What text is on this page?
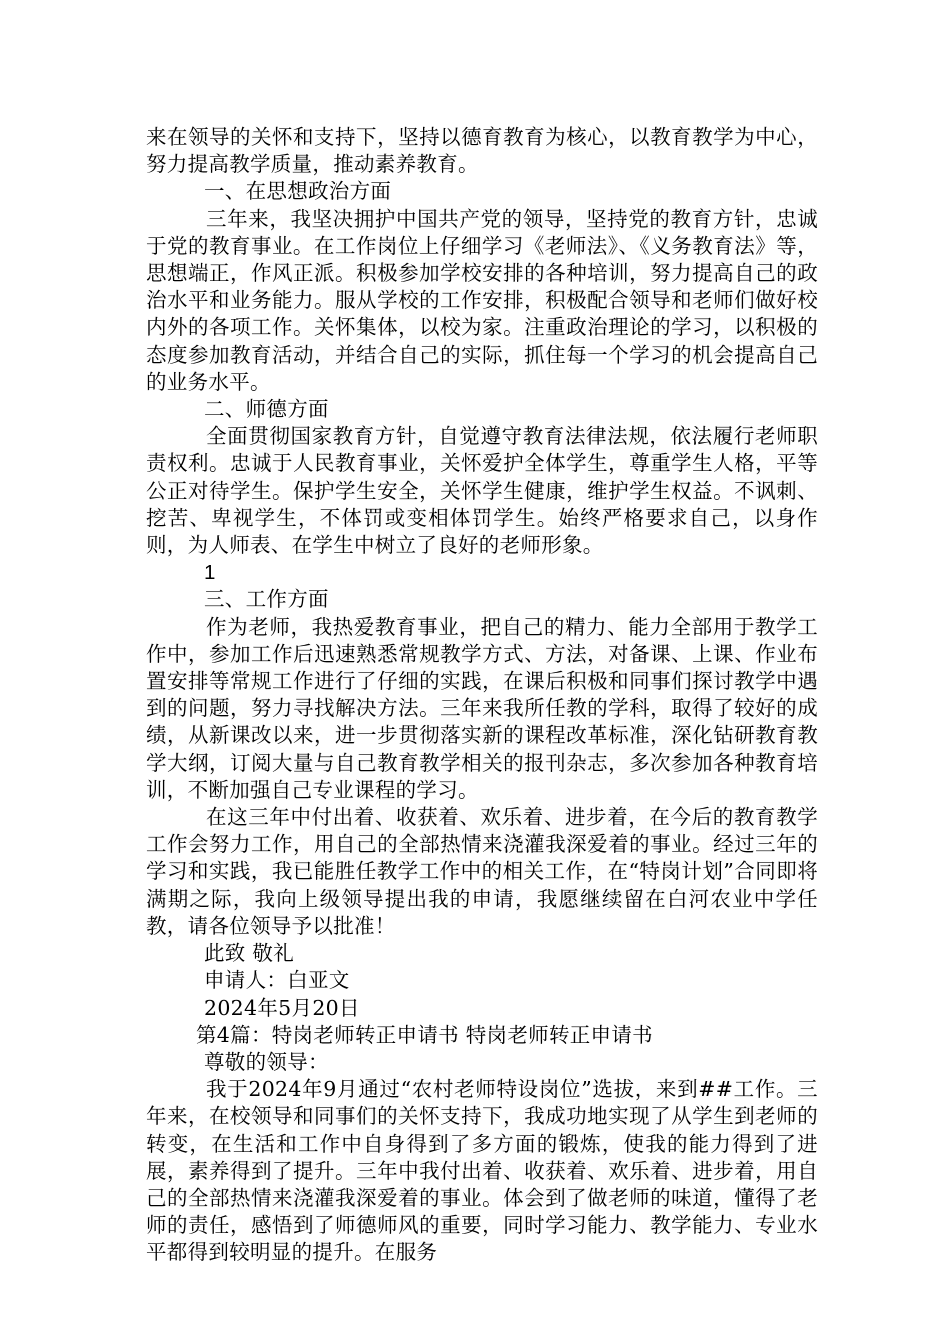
来在领导的关怀和支持下，坚持以德育教育为核心，以教育教学为中心，努力提高教学质量，推动素养教育。

一、在思想政治方面

三年来，我坚决拥护中国共产党的领导，坚持党的教育方针，忠诚于党的教育事业。在工作岗位上仔细学习《老师法》、《义务教育法》等，思想端正，作风正派。积极参加学校安排的各种培训，努力提高自己的政治水平和业务能力。服从学校的工作安排，积极配合领导和老师们做好校内外的各项工作。关怀集体，以校为家。注重政治理论的学习，以积极的态度参加教育活动，并结合自己的实际，抓住每一个学习的机会提高自己的业务水平。

二、师德方面

全面贯彻国家教育方针，自觉遵守教育法律法规，依法履行老师职责权利。忠诚于人民教育事业，关怀爱护全体学生，尊重学生人格，平等公正对待学生。保护学生安全，关怀学生健康，维护学生权益。不讽刺、挖苦、卑视学生，不体罚或变相体罚学生。始终严格要求自己，以身作则，为人师表、在学生中树立了良好的老师形象。

1

三、工作方面

作为老师，我热爱教育事业，把自己的精力、能力全部用于教学工作中，参加工作后迅速熟悉常规教学方式、方法，对备课、上课、作业布置安排等常规工作进行了仔细的实践，在课后积极和同事们探讨教学中遇到的问题，努力寻找解决方法。三年来我所任教的学科，取得了较好的成绩，从新课改以来，进一步贯彻落实新的课程改革标准，深化钻研教育教学大纲，订阅大量与自己教育教学相关的报刊杂志，多次参加各种教育培训，不断加强自己专业课程的学习。

在这三年中付出着、收获着、欢乐着、进步着，在今后的教育教学工作会努力工作，用自己的全部热情来浇灌我深爱着的事业。经过三年的学习和实践，我已能胜任教学工作中的相关工作，在“特岗计划”合同即将满期之际，我向上级领导提出我的申请，我愿继续留在白河农业中学任教，请各位领导予以批准！

此致 敬礼

申请人：白亚文

2024年5月20日

第4篇：特岗老师转正申请书 特岗老师转正申请书

尊敬的领导：

我于2024年9月通过“农村老师特设岗位”选拔，来到##工作。三年来，在校领导和同事们的关怀支持下，我成功地实现了从学生到老师的转变，在生活和工作中自身得到了多方面的锻炼，使我的能力得到了进展，素养得到了提升。三年中我付出着、收获着、欢乐着、进步着，用自己的全部热情来浇灌我深爱着的事业。体会到了做老师的味道，懂得了老师的责任，感悟到了师德师风的重要，同时学习能力、教学能力、专业水平都得到较明显的提升。在服务
